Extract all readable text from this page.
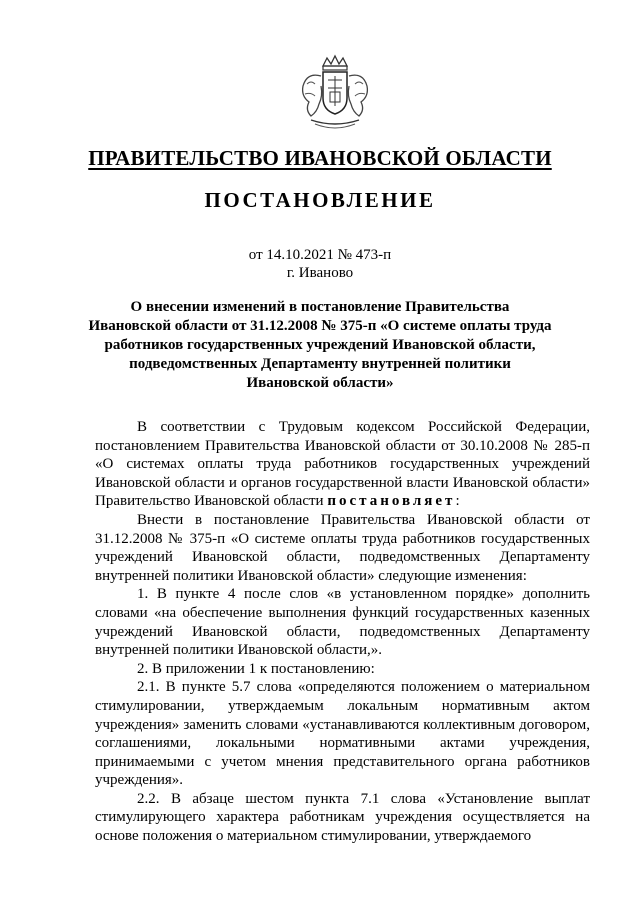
ПРАВИТЕЛЬСТВО ИВАНОВСКОЙ ОБЛАСТИ
ПОСТАНОВЛЕНИЕ
от 14.10.2021 № 473-п
г. Иваново
О внесении изменений в постановление Правительства
Ивановской области от 31.12.2008 № 375-п «О системе оплаты труда
работников государственных учреждений Ивановской области,
подведомственных Департаменту внутренней политики
Ивановской области»

В соответствии с Трудовым кодексом Российской Федерации, постановлением Правительства Ивановской области от 30.10.2008 № 285-п «О системах оплаты труда работников государственных учреждений Ивановской области и органов государственной власти Ивановской области» Правительство Ивановской области постановляет:

Внести в постановление Правительства Ивановской области от 31.12.2008 № 375-п «О системе оплаты труда работников государственных учреждений Ивановской области, подведомственных Департаменту внутренней политики Ивановской области» следующие изменения:

1. В пункте 4 после слов «в установленном порядке» дополнить словами «на обеспечение выполнения функций государственных казенных учреждений Ивановской области, подведомственных Департаменту внутренней политики Ивановской области,».

2. В приложении 1 к постановлению:

2.1. В пункте 5.7 слова «определяются положением о материальном стимулировании, утверждаемым локальным нормативным актом учреждения» заменить словами «устанавливаются коллективным договором, соглашениями, локальными нормативными актами учреждения, принимаемыми с учетом мнения представительного органа работников учреждения».

2.2. В абзаце шестом пункта 7.1 слова «Установление выплат стимулирующего характера работникам учреждения осуществляется на основе положения о материальном стимулировании, утверждаемого
